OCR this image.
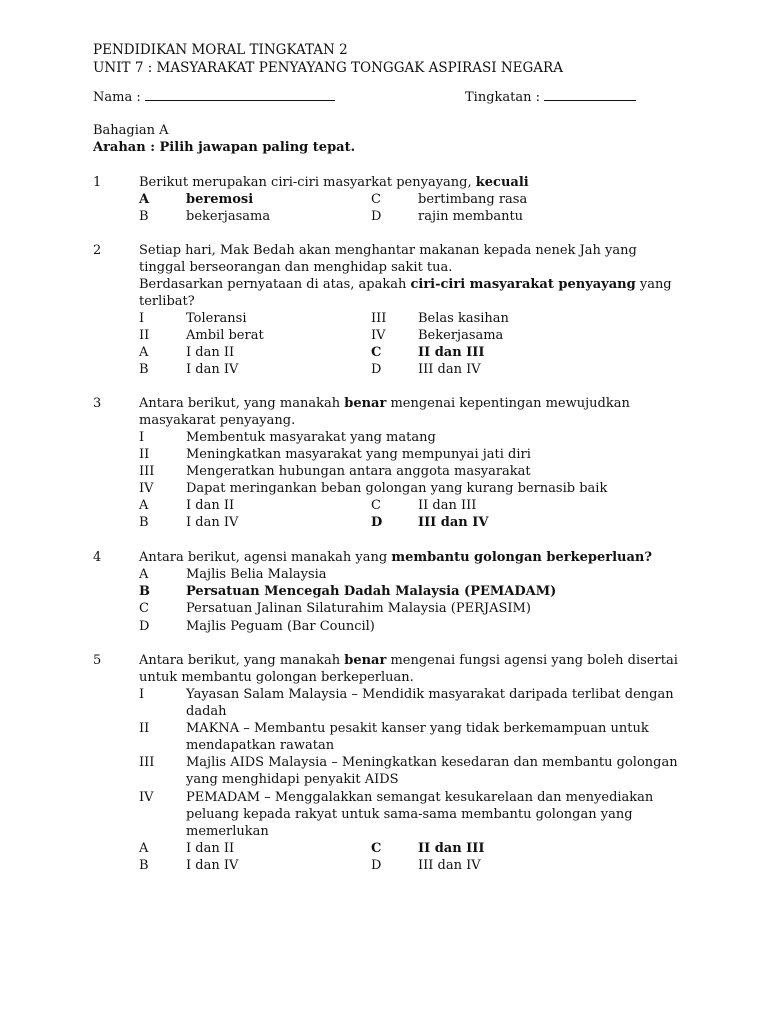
PENDIDIKAN MORAL TINGKATAN 2
UNIT 7 : MASYARAKAT PENYAYANG TONGGAK ASPIRASI NEGARA
Nama :	Tingkatan :
Bahagian A
Arahan : Pilih jawapan paling tepat.
1	Berikut merupakan ciri-ciri masyarkat penyayang, kecuali
A	beremosi	C	bertimbang rasa
B	bekerjasama	D	rajin membantu
2	Setiap hari, Mak Bedah akan menghantar makanan kepada nenek Jah yang
tinggal berseorangan dan menghidap sakit tua.
Berdasarkan pernyataan di atas, apakah ciri-ciri masyarakat penyayang yang
terlibat?
I	Toleransi	III Belas kasihan
II	Ambil berat	IV Bekerjasama
A	I dan II	C	II dan III
B	I dan IV	D	III dan IV
3	Antara berikut, yang manakah benar mengenai kepentingan mewujudkan
masyakarat penyayang.
I	Membentuk masyarakat yang matang
II	Meningkatkan masyarakat yang mempunyai jati diri
III Mengeratkan hubungan antara anggota masyarakat
IV Dapat meringankan beban golongan yang kurang bernasib baik
A	I dan II	C	II dan III
B	I dan IV	D	III dan IV
4	Antara berikut, agensi manakah yang membantu golongan berkeperluan?
A	Majlis Belia Malaysia
B	Persatuan Mencegah Dadah Malaysia (PEMADAM)
C	Persatuan Jalinan Silaturahim Malaysia (PERJASIM)
D	Majlis Peguam (Bar Council)
5	Antara berikut, yang manakah benar mengenai fungsi agensi yang boleh disertai
untuk membantu golongan berkeperluan.
I	Yayasan Salam Malaysia – Mendidik masyarakat daripada terlibat dengan
dadah
II	MAKNA – Membantu pesakit kanser yang tidak berkemampuan untuk
mendapatkan rawatan
III Majlis AIDS Malaysia – Meningkatkan kesedaran dan membantu golongan
yang menghidapi penyakit AIDS
IV PEMADAM – Menggalakkan semangat kesukarelaan dan menyediakan
peluang kepada rakyat untuk sama-sama membantu golongan yang
memerlukan
A	I dan II	C	II dan III
B	I dan IV	D	III dan IV
